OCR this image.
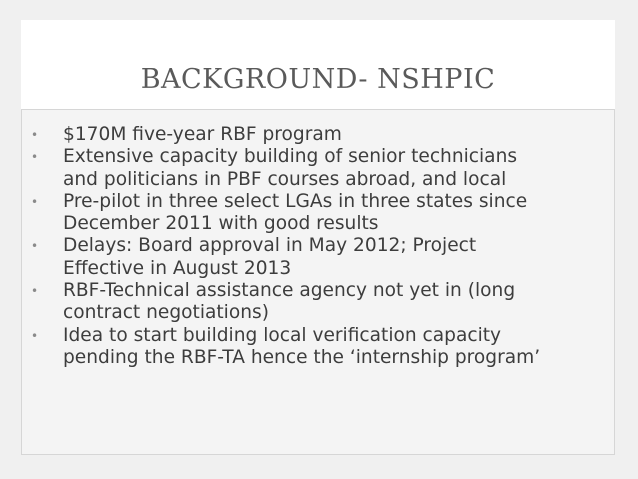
BACKGROUND- NSHPIC
• $170M five-year RBF program
• Extensive capacity building of senior technicians
and politicians in PBF courses abroad, and local
• Pre-pilot in three select LGAs in three states since
December 2011 with good results
• Delays: Board approval in May 2012; Project
Effective in August 2013
• RBF-Technical assistance agency not yet in (long
contract negotiations)
• Idea to start building local verification capacity
pending the RBF-TA hence the ‘internship program’
